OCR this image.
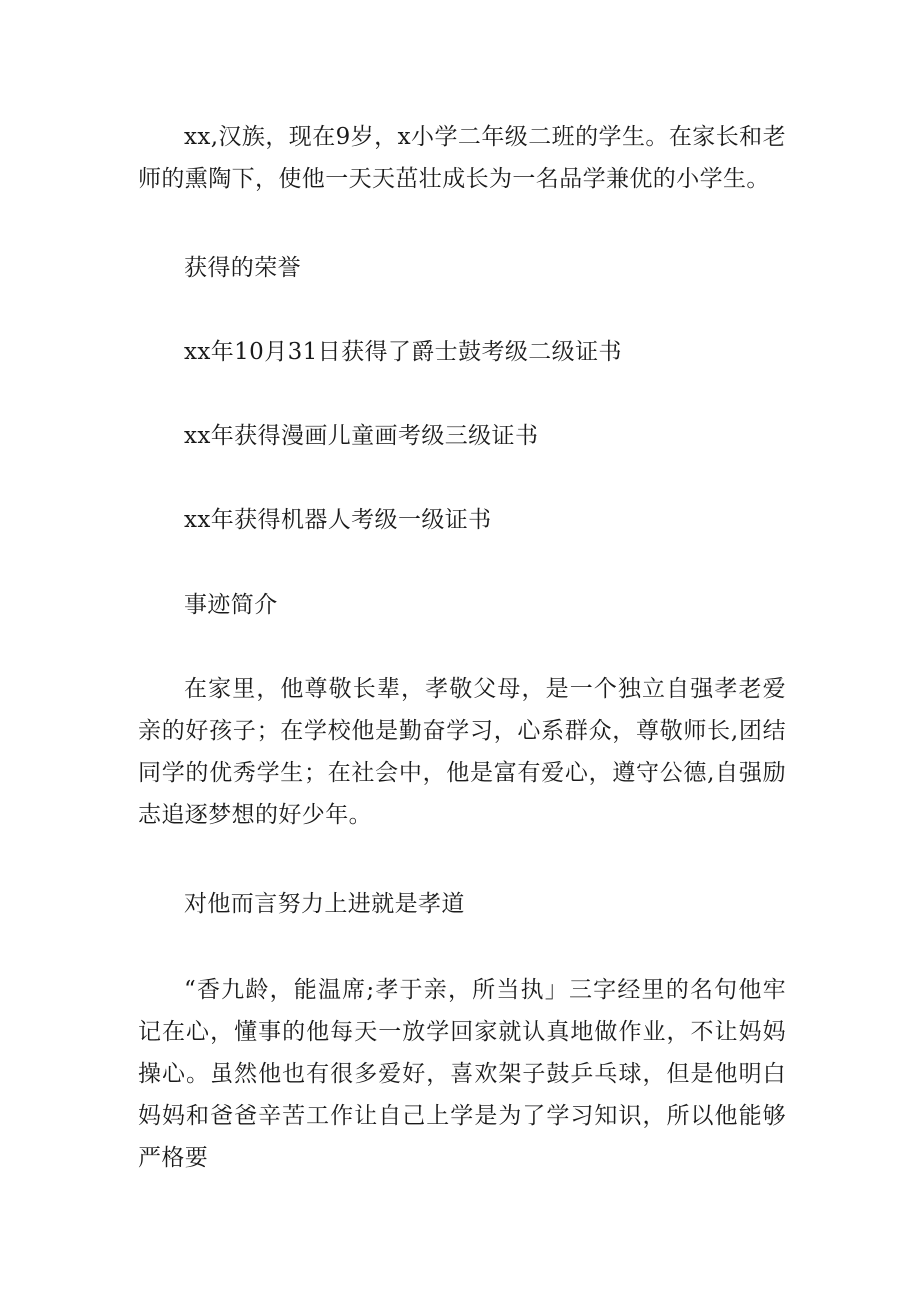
xx,汉族，现在9岁，x小学二年级二班的学生。在家长和老师的熏陶下，使他一天天茁壮成长为一名品学兼优的小学生。

获得的荣誉

xx年10月31日获得了爵士鼓考级二级证书

xx年获得漫画儿童画考级三级证书

xx年获得机器人考级一级证书

事迹简介

在家里，他尊敬长辈，孝敬父母，是一个独立自强孝老爱亲的好孩子；在学校他是勤奋学习，心系群众，尊敬师长,团结同学的优秀学生；在社会中，他是富有爱心，遵守公德,自强励志追逐梦想的好少年。

对他而言努力上进就是孝道

“香九龄，能温席;孝于亲，所当执」三字经里的名句他牢记在心，懂事的他每天一放学回家就认真地做作业，不让妈妈操心。虽然他也有很多爱好，喜欢架子鼓乒乓球，但是他明白妈妈和爸爸辛苦工作让自己上学是为了学习知识，所以他能够严格要
